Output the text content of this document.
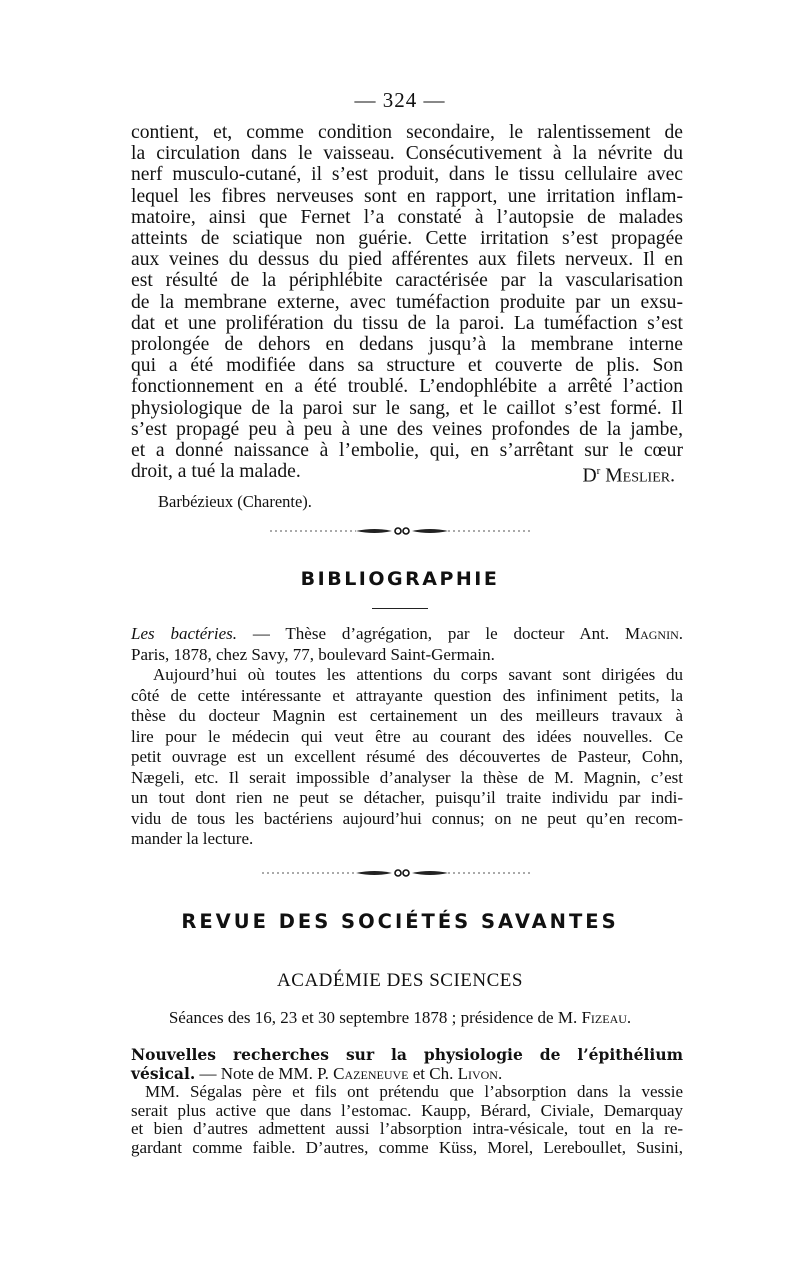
— 324 —
contient, et, comme condition secondaire, le ralentissement de
la circulation dans le vaisseau. Consécutivement à la névrite du
nerf musculo-cutané, il s’est produit, dans le tissu cellulaire avec
lequel les fibres nerveuses sont en rapport, une irritation inflam-
matoire, ainsi que Fernet l’a constaté à l’autopsie de malades
atteints de sciatique non guérie. Cette irritation s’est propagée
aux veines du dessus du pied afférentes aux filets nerveux. Il en
est résulté de la périphlébite caractérisée par la vascularisation
de la membrane externe, avec tuméfaction produite par un exsu-
dat et une prolifération du tissu de la paroi. La tuméfaction s’est
prolongée de dehors en dedans jusqu’à la membrane interne
qui a été modifiée dans sa structure et couverte de plis. Son
fonctionnement en a été troublé. L’endophlébite a arrêté l’action
physiologique de la paroi sur le sang, et le caillot s’est formé. Il
s’est propagé peu à peu à une des veines profondes de la jambe,
et a donné naissance à l’embolie, qui, en s’arrêtant sur le cœur
droit, a tué la malade.	$D^r$ Meslier.
Barbézieux (Charente).
BIBLIOGRAPHIE
Les bactéries. — Thèse d’agrégation, par le docteur Ant. Magnin.
Paris, 1878, chez Savy, 77, boulevard Saint-Germain.
Aujourd’hui où toutes les attentions du corps savant sont dirigées du
côté de cette intéressante et attrayante question des infiniment petits, la
thèse du docteur Magnin est certainement un des meilleurs travaux à
lire pour le médecin qui veut être au courant des idées nouvelles. Ce
petit ouvrage est un excellent résumé des découvertes de Pasteur, Cohn,
Nægeli, etc. Il serait impossible d’analyser la thèse de M. Magnin, c’est
un tout dont rien ne peut se détacher, puisqu’il traite individu par indi-
vidu de tous les bactériens aujourd’hui connus; on ne peut qu’en recom-
mander la lecture.
REVUE DES SOCIÉTÉS SAVANTES
ACADÉMIE DES SCIENCES
Séances des 16, 23 et 30 septembre 1878 ; présidence de M. Fizeau.
Nouvelles recherches sur la physiologie de l’épithélium
vésical. — Note de MM. P. Cazeneuve et Ch. Livon.
MM. Ségalas père et fils ont prétendu que l’absorption dans la vessie
serait plus active que dans l’estomac. Kaupp, Bérard, Civiale, Demarquay
et bien d’autres admettent aussi l’absorption intra-vésicale, tout en la re-
gardant comme faible. D’autres, comme Küss, Morel, Lereboullet, Susini,
